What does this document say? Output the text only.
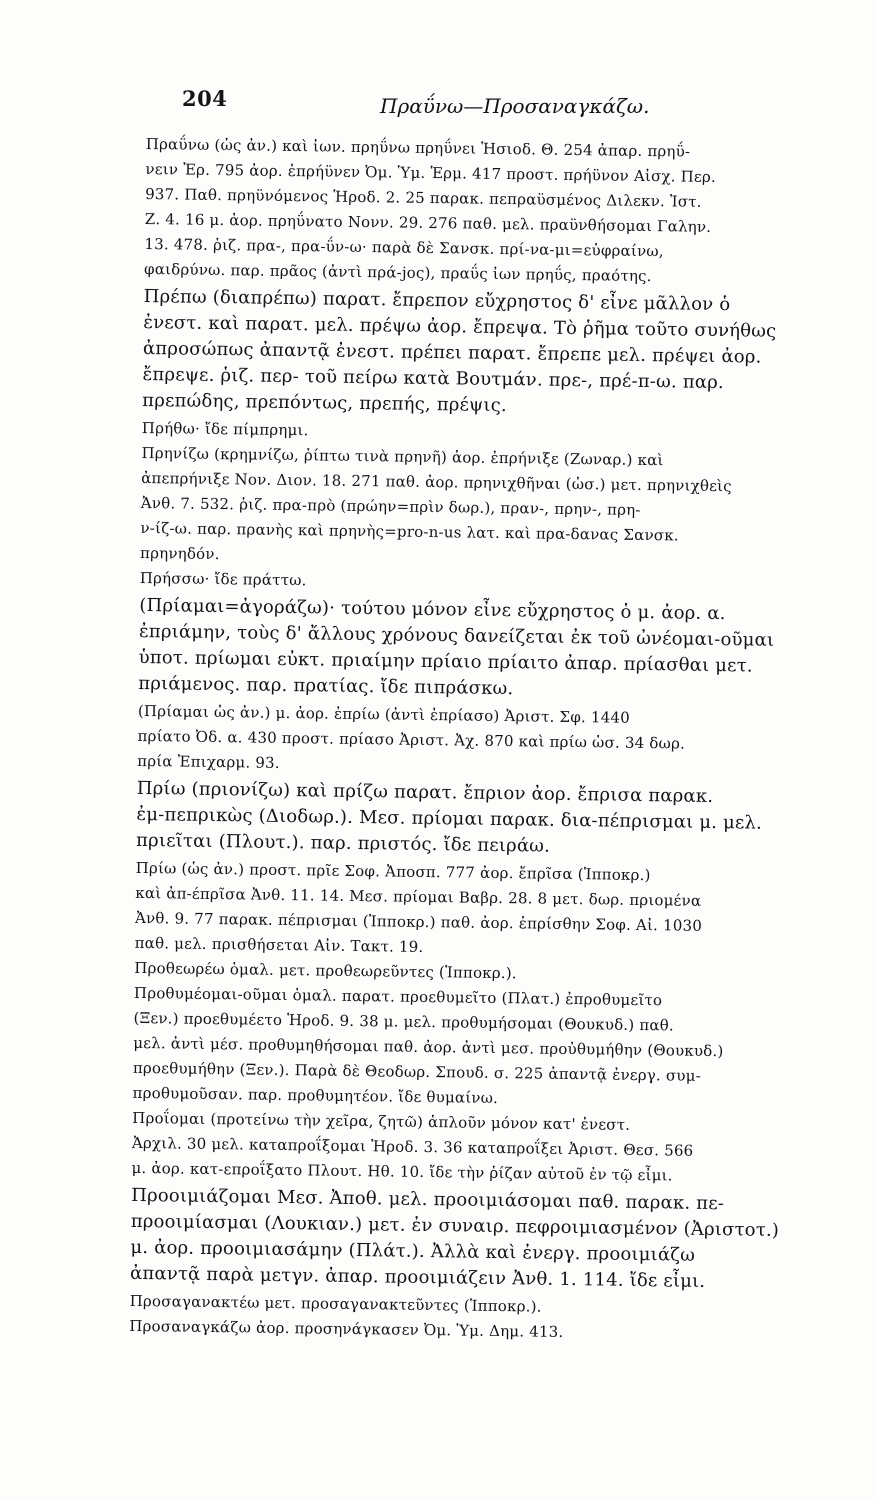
204	Πραΰνω—Προσαναγκάζω.
Πραΰνω (ὡς ἀν.) καὶ ἰων. πρηΰνω πρηΰνει Ἡσιοδ. Θ. 254 ἀπαρ. πρηΰ-
νειν Ἐρ. 795 ἀορ. ἐπρήϋνεν Ὀμ. Ὑμ. Ἑρμ. 417 προστ. πρήϋνον Αἰσχ. Περ.
937. Παθ. πρηϋνόμενος Ἡροδ. 2. 25 παρακ. πεπραϋσμένος Διλεκν. Ἱστ.
Ζ. 4. 16 μ. ἀορ. πρηΰνατο Νονν. 29. 276 παθ. μελ. πραϋνθήσομαι Γαλην.
13. 478. ῥιζ. πρα-, πρα-ΰν-ω· παρὰ δὲ Σανσκ. πρί-να-μι=εὐφραίνω,
φαιδρύνω. παρ. πρᾶος (ἀντὶ πρά-jος), πραΰς ἰων πρηΰς, πραότης.
Πρέπω (διαπρέπω) παρατ. ἔπρεπον εὔχρηστος δ' εἶνε μᾶλλον ὁ
ἐνεστ. καὶ παρατ. μελ. πρέψω ἀορ. ἔπρεψα. Τὸ ῥῆμα τοῦτο συνήθως
ἀπροσώπως ἀπαντᾷ ἐνεστ. πρέπει παρατ. ἔπρεπε μελ. πρέψει ἀορ.
ἔπρεψε. ῥιζ. περ- τοῦ πείρω κατὰ Βουτμάν. πρε-, πρέ-π-ω. παρ.
πρεπώδης, πρεπόντως, πρεπής, πρέψις.
Πρήθω· ἴδε πίμπρημι.
Πρηνίζω (κρημνίζω, ῥίπτω τινὰ πρηνῆ) ἀορ. ἐπρήνιξε (Ζωναρ.) καὶ
ἀπεπρήνιξε Νον. Διον. 18. 271 παθ. ἀορ. πρηνιχθῆναι (ὡσ.) μετ. πρηνιχθεὶς
Ἀνθ. 7. 532. ῥιζ. πρα-πρὸ (πρώην=πρὶν δωρ.), πραν-, πρην-, πρη-
ν-ίζ-ω. παρ. πρανὴς καὶ πρηνὴς=pro-n-us λατ. καὶ πρα-δανας Σανσκ.
πρηνηδόν.
Πρήσσω· ἴδε πράττω.
(Πρίαμαι=ἀγοράζω)· τούτου μόνον εἶνε εὔχρηστος ὁ μ. ἀορ. α.
ἐπριάμην, τοὺς δ' ἄλλους χρόνους δανείζεται ἐκ τοῦ ὠνέομαι-οῦμαι
ὑποτ. πρίωμαι εὐκτ. πριαίμην πρίαιο πρίαιτο ἀπαρ. πρίασθαι μετ.
πριάμενος. παρ. πρατίας. ἴδε πιπράσκω.
(Πρίαμαι ὡς ἀν.) μ. ἀορ. ἐπρίω (ἀντὶ ἐπρίασο) Ἀριστ. Σφ. 1440
πρίατο Ὀδ. α. 430 προστ. πρίασο Ἀριστ. Ἀχ. 870 καὶ πρίω ὡσ. 34 δωρ.
πρία Ἐπιχαρμ. 93.
Πρίω (πριονίζω) καὶ πρίζω παρατ. ἔπριον ἀορ. ἔπρισα παρακ.
ἐμ-πεπρικὼς (Διοδωρ.). Μεσ. πρίομαι παρακ. δια-πέπρισμαι μ. μελ.
πριεῖται (Πλουτ.). παρ. πριστός. ἴδε πειράω.
Πρίω (ὡς ἀν.) προστ. πρῖε Σοφ. Ἀποσπ. 777 ἀορ. ἔπρῖσα (Ἱπποκρ.)
καὶ ἀπ-έπρῖσα Ἀνθ. 11. 14. Μεσ. πρίομαι Βαβρ. 28. 8 μετ. δωρ. πριομένα
Ἀνθ. 9. 77 παρακ. πέπρισμαι (Ἱπποκρ.) παθ. ἀορ. ἐπρίσθην Σοφ. Αἰ. 1030
παθ. μελ. πρισθήσεται Αἰν. Τακτ. 19.
Προθεωρέω ὁμαλ. μετ. προθεωρεῦντες (Ἱπποκρ.).
Προθυμέομαι-οῦμαι ὁμαλ. παρατ. προεθυμεῖτο (Πλατ.) ἐπροθυμεῖτο
(Ξεν.) προεθυμέετο Ἡροδ. 9. 38 μ. μελ. προθυμήσομαι (Θουκυδ.) παθ.
μελ. ἀντὶ μέσ. προθυμηθήσομαι παθ. ἀορ. ἀντὶ μεσ. προὐθυμήθην (Θουκυδ.)
προεθυμήθην (Ξεν.). Παρὰ δὲ Θεοδωρ. Σπουδ. σ. 225 ἀπαντᾷ ἐνεργ. συμ-
προθυμοῦσαν. παρ. προθυμητέον. ἴδε θυμαίνω.
Προΐομαι (προτείνω τὴν χεῖρα, ζητῶ) ἁπλοῦν μόνον κατ' ἐνεστ.
Ἀρχιλ. 30 μελ. καταπροΐξομαι Ἡροδ. 3. 36 καταπροΐξει Ἀριστ. Θεσ. 566
μ. ἀορ. κατ-επροΐξατο Πλουτ. Ηθ. 10. ἴδε τὴν ῥίζαν αὐτοῦ ἐν τῷ εἶμι.
Προοιμιάζομαι Μεσ. Ἀποθ. μελ. προοιμιάσομαι παθ. παρακ. πε-
προοιμίασμαι (Λουκιαν.) μετ. ἐν συναιρ. πεφροιμιασμένον (Ἀριστοτ.)
μ. ἀορ. προοιμιασάμην (Πλάτ.). Ἀλλὰ καὶ ἐνεργ. προοιμιάζω
ἀπαντᾷ παρὰ μετγν. ἀπαρ. προοιμιάζειν Ἀνθ. 1. 114. ἴδε εἶμι.
Προσαγανακτέω μετ. προσαγανακτεῦντες (Ἱπποκρ.).
Προσαναγκάζω ἀορ. προσηνάγκασεν Ὀμ. Ὑμ. Δημ. 413.
